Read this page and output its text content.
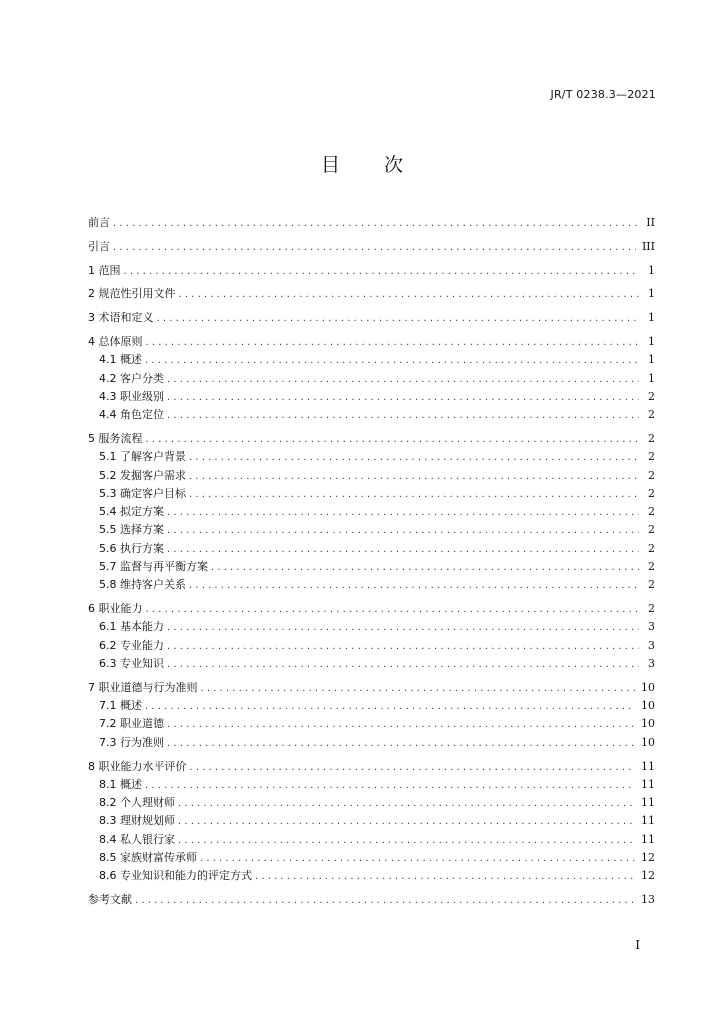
JR/T 0238.3—2021
目 次
前言 . . .	II
引言 . . .	III
1 范围 . . .	1
2 规范性引用文件 . . .	1
3 术语和定义 . . .	1
4 总体原则 . . .	1
4.1 概述 . . .	1
4.2 客户分类 . . .	1
4.3 职业级别 . . .	2
4.4 角色定位 . . .	2
5 服务流程 . . .	2
5.1 了解客户背景 . . .	2
5.2 发掘客户需求 . . .	2
5.3 确定客户目标 . . .	2
5.4 拟定方案 . . .	2
5.5 选择方案 . . .	2
5.6 执行方案 . . .	2
5.7 监督与再平衡方案 . . .	2
5.8 维持客户关系 . . .	2
6 职业能力 . . .	2
6.1 基本能力 . . .	3
6.2 专业能力 . . .	3
6.3 专业知识 . . .	3
7 职业道德与行为准则 . . .	10
7.1 概述 . . .	10
7.2 职业道德 . . .	10
7.3 行为准则 . . .	10
8 职业能力水平评价 . . .	11
8.1 概述 . . .	11
8.2 个人理财师 . . .	11
8.3 理财规划师 . . .	11
8.4 私人银行家 . . .	11
8.5 家族财富传承师 . . .	12
8.6 专业知识和能力的评定方式 . . .	12
参考文献 . . .	13
I
